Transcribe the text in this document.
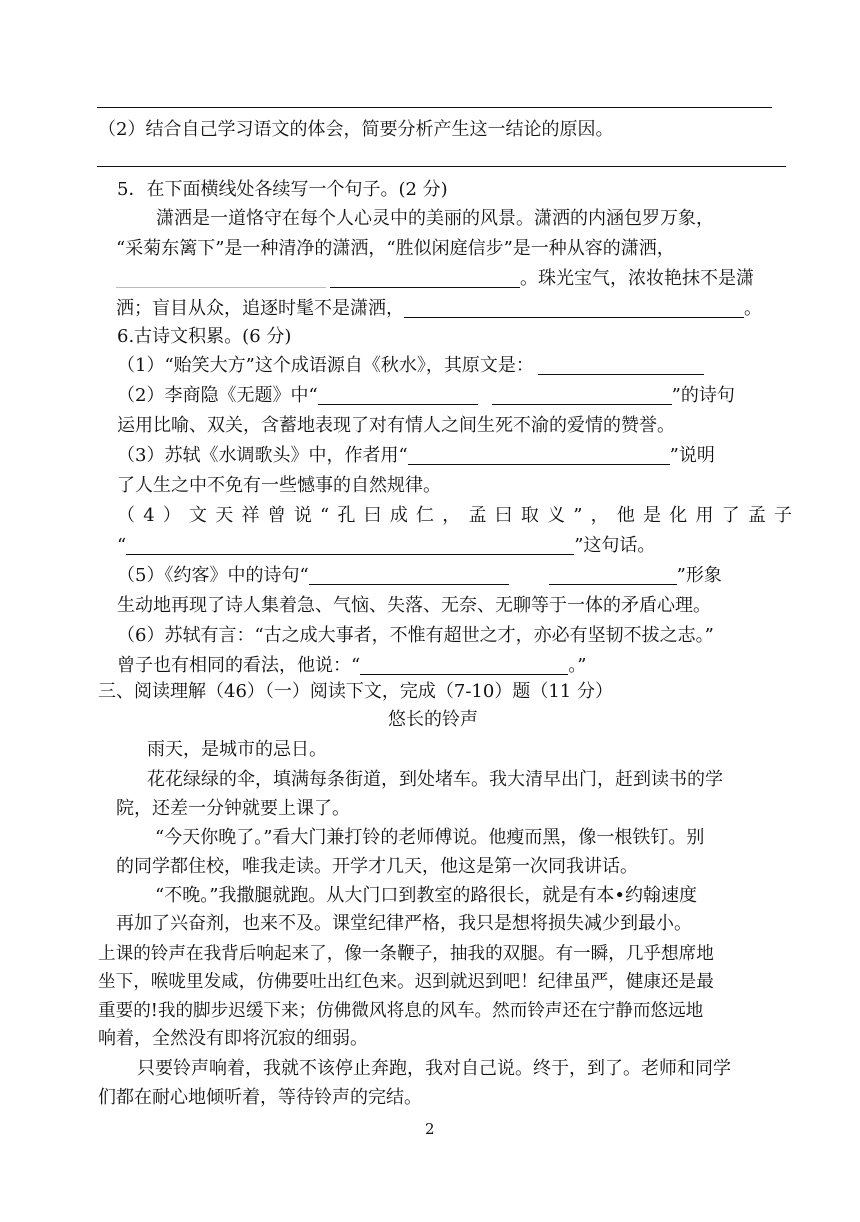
（2）结合自己学习语文的体会，简要分析产生这一结论的原因。
5．在下面横线处各续写一个句子。(2 分)
潇洒是一道恪守在每个人心灵中的美丽的风景。潇洒的内涵包罗万象，
“采菊东篱下”是一种清净的潇洒，“胜似闲庭信步”是一种从容的潇洒，
。珠光宝气，浓妆艳抹不是潇
洒；盲目从众，追逐时髦不是潇洒，	。
6.古诗文积累。(6 分)
（1）“贻笑大方”这个成语源自《秋水》，其原文是：
（2）李商隐《无题》中“	”的诗句
运用比喻、双关，含蓄地表现了对有情人之间生死不渝的爱情的赞誉。
（3）苏轼《水调歌头》中，作者用“	”说明
了人生之中不免有一些憾事的自然规律。
（4）文天祥曾说“孔曰成仁，孟曰取义”，他是化用了孟子
“	”这句话。
（5）《约客》中的诗句“	”形象
生动地再现了诗人集着急、气恼、失落、无奈、无聊等于一体的矛盾心理。
（6）苏轼有言：“古之成大事者，不惟有超世之才，亦必有坚韧不拔之志。”
曾子也有相同的看法，他说：“	。”
三、阅读理解（46）（一）阅读下文，完成（7-10）题（11 分）
悠长的铃声
雨天，是城市的忌日。
花花绿绿的伞，填满每条街道，到处堵车。我大清早出门，赶到读书的学
院，还差一分钟就要上课了。
“今天你晚了。”看大门兼打铃的老师傅说。他瘦而黑，像一根铁钉。别
的同学都住校，唯我走读。开学才几天，他这是第一次同我讲话。
“不晚。”我撒腿就跑。从大门口到教室的路很长，就是有本•约翰速度
再加了兴奋剂，也来不及。课堂纪律严格，我只是想将损失减少到最小。
上课的铃声在我背后响起来了，像一条鞭子，抽我的双腿。有一瞬，几乎想席地
坐下，喉咙里发咸，仿佛要吐出红色来。迟到就迟到吧！纪律虽严，健康还是最
重要的!我的脚步迟缓下来；仿佛微风将息的风车。然而铃声还在宁静而悠远地
响着，全然没有即将沉寂的细弱。
只要铃声响着，我就不该停止奔跑，我对自己说。终于，到了。老师和同学
们都在耐心地倾听着，等待铃声的完结。
2
